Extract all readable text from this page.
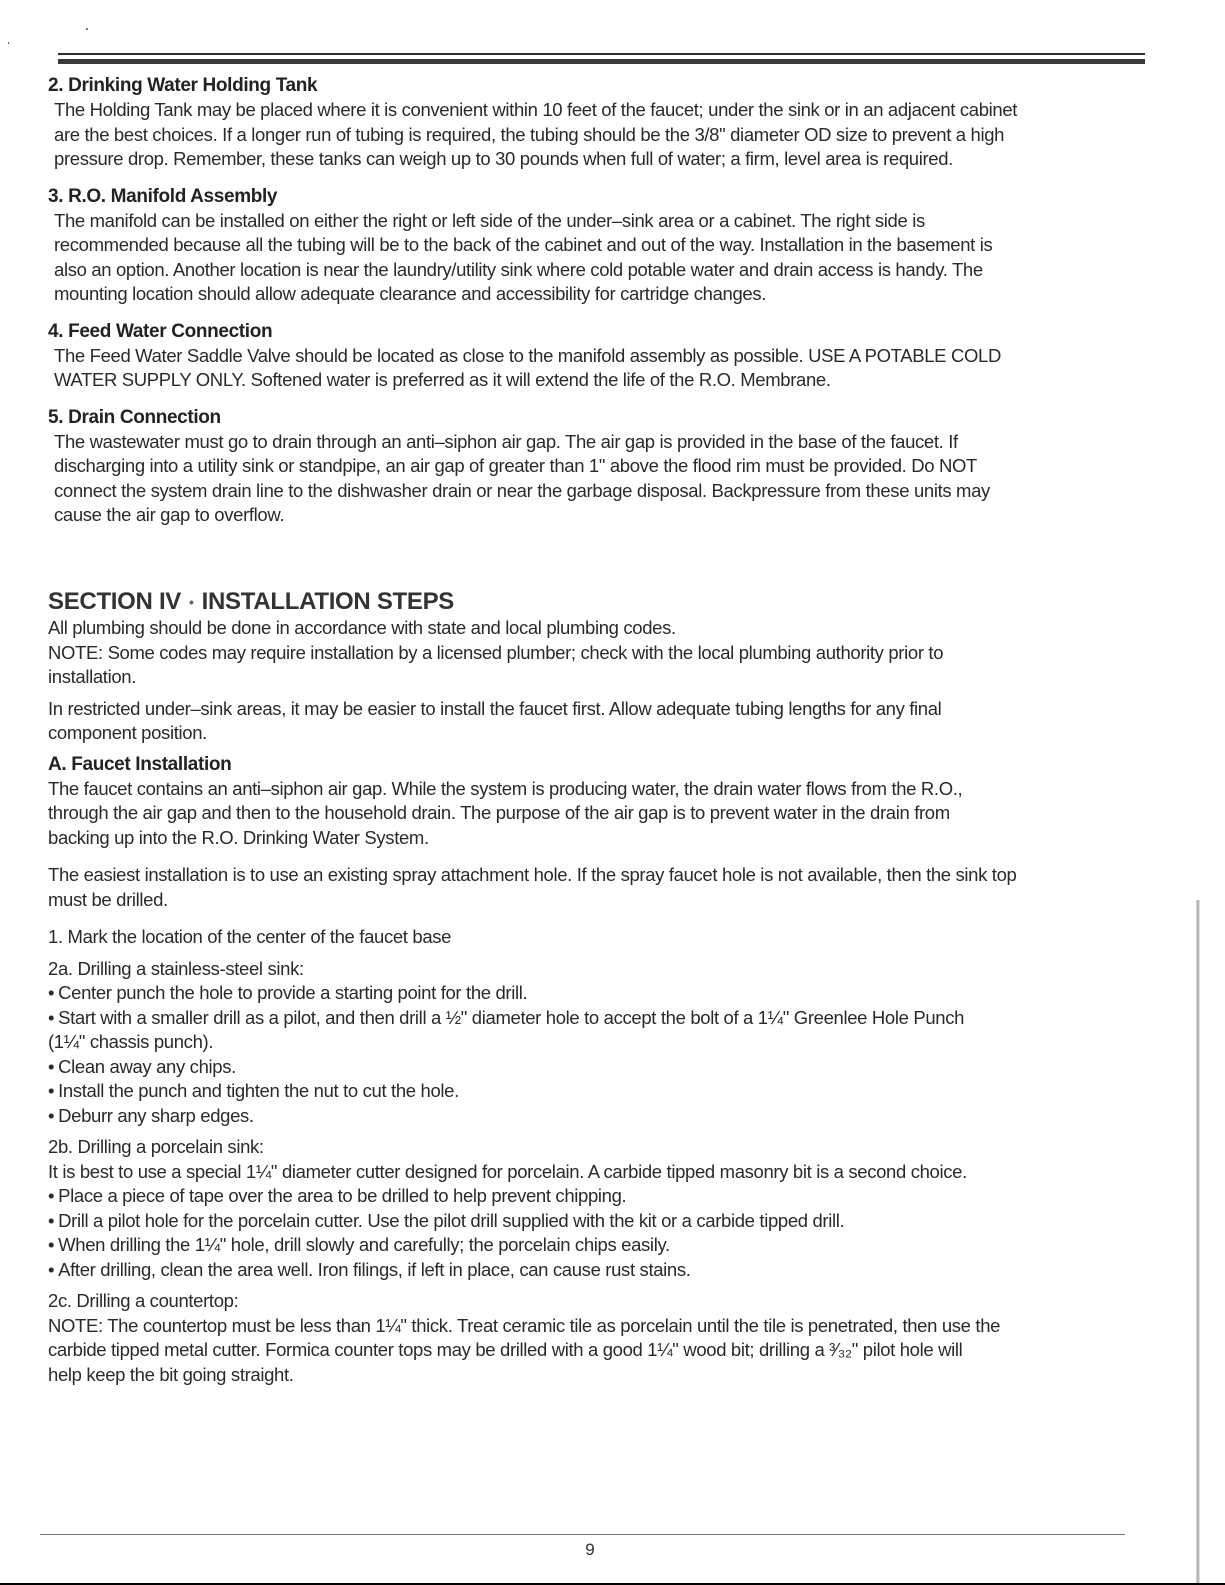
2. Drinking Water Holding Tank

The Holding Tank may be placed where it is convenient within 10 feet of the faucet; under the sink or in an adjacent cabinet

are the best choices. If a longer run of tubing is required, the tubing should be the 3/8" diameter OD size to prevent a high

pressure drop. Remember, these tanks can weigh up to 30 pounds when full of water; a firm, level area is required.

3. R.O. Manifold Assembly

The manifold can be installed on either the right or left side of the under–sink area or a cabinet. The right side is

recommended because all the tubing will be to the back of the cabinet and out of the way. Installation in the basement is

also an option. Another location is near the laundry/utility sink where cold potable water and drain access is handy. The

mounting location should allow adequate clearance and accessibility for cartridge changes.

4. Feed Water Connection

The Feed Water Saddle Valve should be located as close to the manifold assembly as possible. USE A POTABLE COLD

WATER SUPPLY ONLY. Softened water is preferred as it will extend the life of the R.O. Membrane.

5. Drain Connection

The wastewater must go to drain through an anti–siphon air gap. The air gap is provided in the base of the faucet. If

discharging into a utility sink or standpipe, an air gap of greater than 1" above the flood rim must be provided. Do NOT

connect the system drain line to the dishwasher drain or near the garbage disposal. Backpressure from these units may

cause the air gap to overflow.

SECTION IV • INSTALLATION STEPS

All plumbing should be done in accordance with state and local plumbing codes.

NOTE: Some codes may require installation by a licensed plumber; check with the local plumbing authority prior to

installation.

In restricted under–sink areas, it may be easier to install the faucet first. Allow adequate tubing lengths for any final

component position.

A. Faucet Installation

The faucet contains an anti–siphon air gap. While the system is producing water, the drain water flows from the R.O.,

through the air gap and then to the household drain. The purpose of the air gap is to prevent water in the drain from

backing up into the R.O. Drinking Water System.

The easiest installation is to use an existing spray attachment hole. If the spray faucet hole is not available, then the sink top

must be drilled.

1. Mark the location of the center of the faucet base

2a. Drilling a stainless-steel sink:

• Center punch the hole to provide a starting point for the drill.

• Start with a smaller drill as a pilot, and then drill a ½" diameter hole to accept the bolt of a 1¼" Greenlee Hole Punch

(1¼" chassis punch).

• Clean away any chips.

• Install the punch and tighten the nut to cut the hole.

• Deburr any sharp edges.

2b. Drilling a porcelain sink:

It is best to use a special 1¼" diameter cutter designed for porcelain. A carbide tipped masonry bit is a second choice.

• Place a piece of tape over the area to be drilled to help prevent chipping.

• Drill a pilot hole for the porcelain cutter. Use the pilot drill supplied with the kit or a carbide tipped drill.

• When drilling the 1¼" hole, drill slowly and carefully; the porcelain chips easily.

• After drilling, clean the area well. Iron filings, if left in place, can cause rust stains.

2c. Drilling a countertop:

NOTE: The countertop must be less than 1¼" thick. Treat ceramic tile as porcelain until the tile is penetrated, then use the

carbide tipped metal cutter. Formica counter tops may be drilled with a good 1¼" wood bit; drilling a ³⁄₃₂" pilot hole will

help keep the bit going straight.

9
